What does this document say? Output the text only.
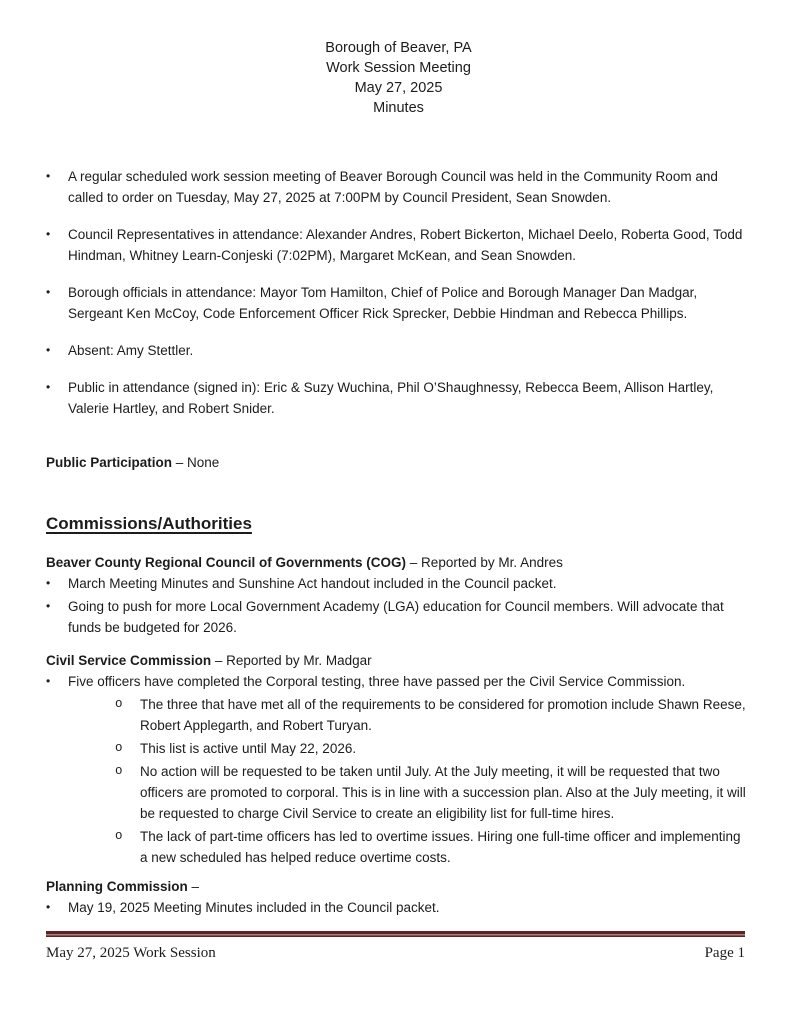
Borough of Beaver, PA
Work Session Meeting
May 27, 2025
Minutes
•	A regular scheduled work session meeting of Beaver Borough Council was held in the Community Room and called to order on Tuesday, May 27, 2025 at 7:00PM by Council President, Sean Snowden.
•	Council Representatives in attendance: Alexander Andres, Robert Bickerton, Michael Deelo, Roberta Good, Todd Hindman, Whitney Learn-Conjeski (7:02PM), Margaret McKean, and Sean Snowden.
•	Borough officials in attendance: Mayor Tom Hamilton, Chief of Police and Borough Manager Dan Madgar, Sergeant Ken McCoy, Code Enforcement Officer Rick Sprecker, Debbie Hindman and Rebecca Phillips.
•	Absent: Amy Stettler.
•	Public in attendance (signed in): Eric & Suzy Wuchina, Phil O’Shaughnessy, Rebecca Beem, Allison Hartley, Valerie Hartley, and Robert Snider.
Public Participation – None
Commissions/Authorities
Beaver County Regional Council of Governments (COG) – Reported by Mr. Andres
•	March Meeting Minutes and Sunshine Act handout included in the Council packet.
•	Going to push for more Local Government Academy (LGA) education for Council members. Will advocate that funds be budgeted for 2026.
Civil Service Commission – Reported by Mr. Madgar
•	Five officers have completed the Corporal testing, three have passed per the Civil Service Commission.
o	The three that have met all of the requirements to be considered for promotion include Shawn Reese, Robert Applegarth, and Robert Turyan.
o	This list is active until May 22, 2026.
o	No action will be requested to be taken until July. At the July meeting, it will be requested that two officers are promoted to corporal. This is in line with a succession plan. Also at the July meeting, it will be requested to charge Civil Service to create an eligibility list for full-time hires.
o	The lack of part-time officers has led to overtime issues. Hiring one full-time officer and implementing a new scheduled has helped reduce overtime costs.
Planning Commission –
•	May 19, 2025 Meeting Minutes included in the Council packet.
May 27, 2025 Work Session	Page 1
